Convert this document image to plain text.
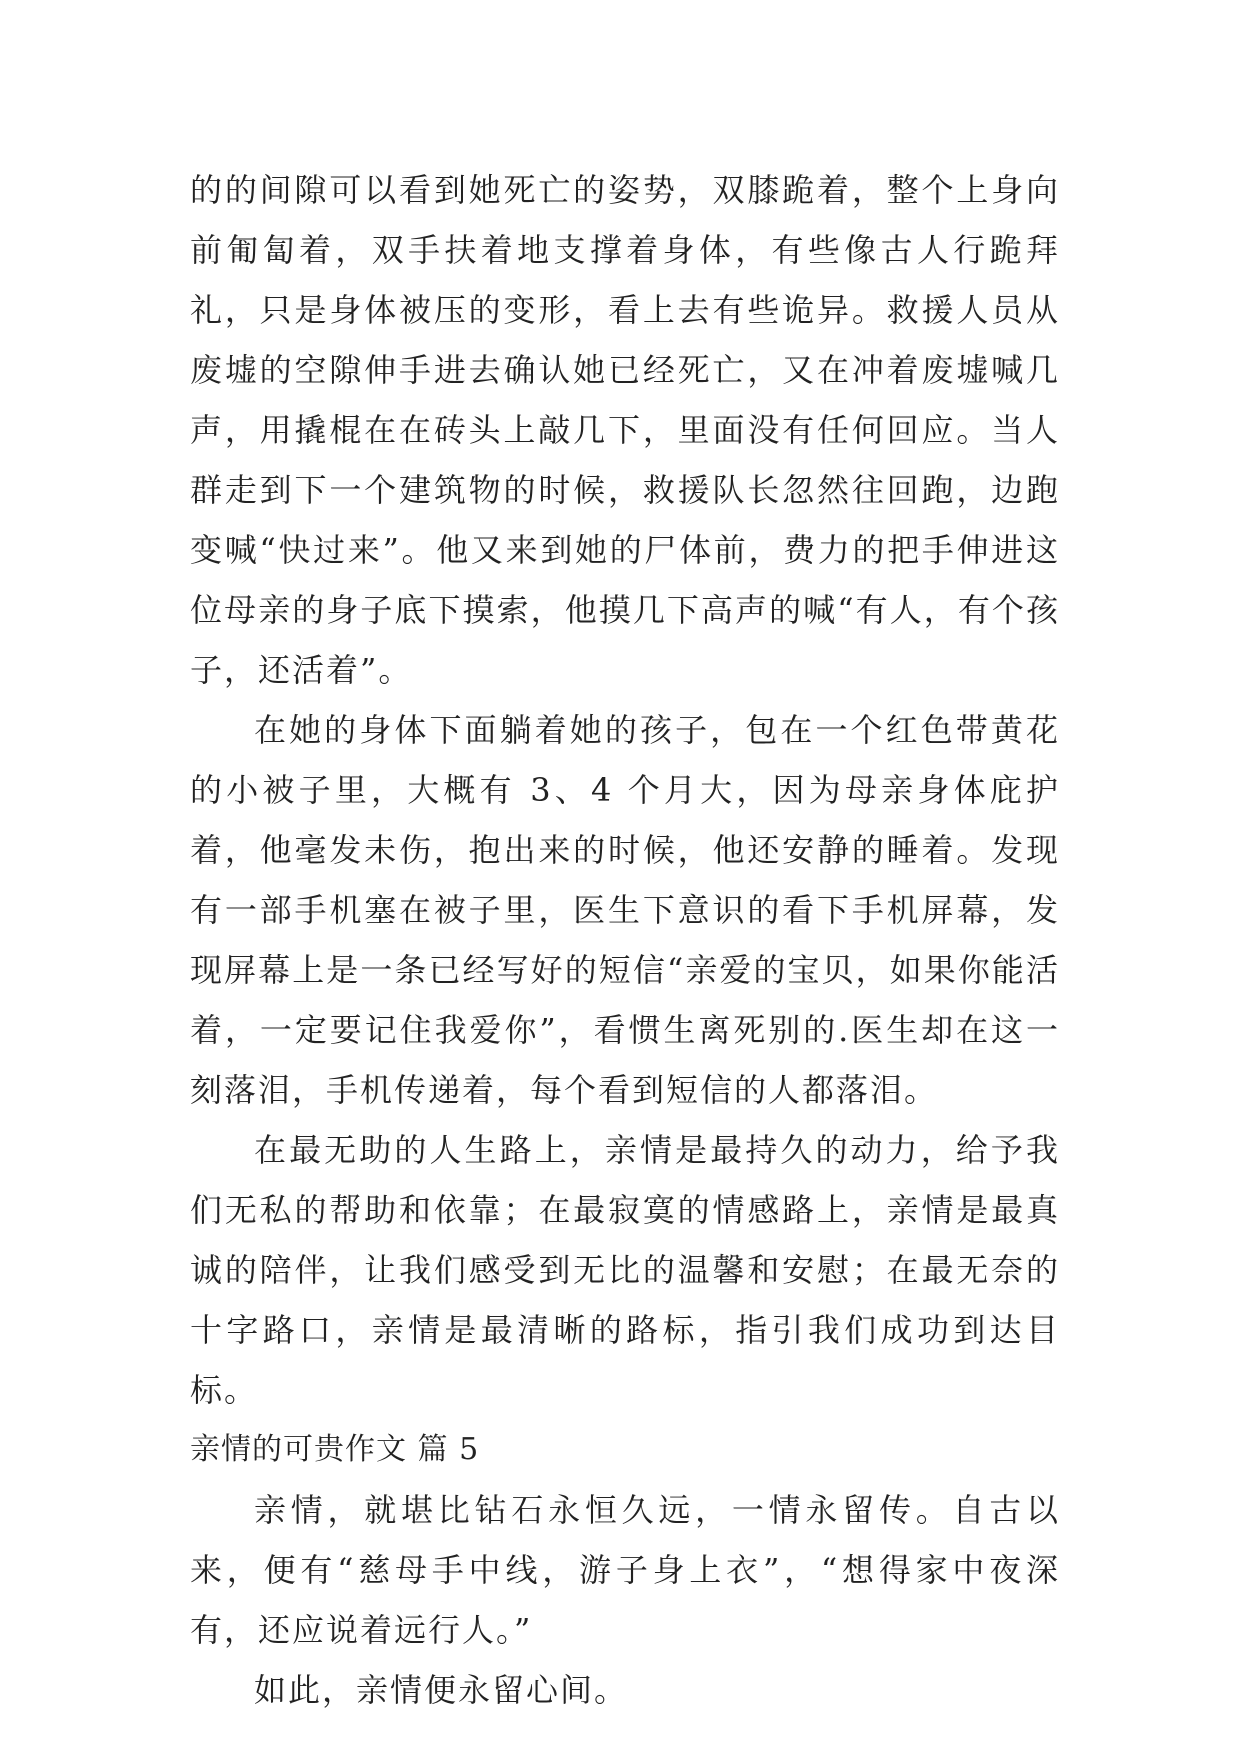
的的间隙可以看到她死亡的姿势，双膝跪着，整个上身向前匍匐着，双手扶着地支撑着身体，有些像古人行跪拜礼，只是身体被压的变形，看上去有些诡异。救援人员从废墟的空隙伸手进去确认她已经死亡，又在冲着废墟喊几声，用撬棍在在砖头上敲几下，里面没有任何回应。当人群走到下一个建筑物的时候，救援队长忽然往回跑，边跑变喊“快过来”。他又来到她的尸体前，费力的把手伸进这位母亲的身子底下摸索，他摸几下高声的喊“有人，有个孩子，还活着”。

在她的身体下面躺着她的孩子，包在一个红色带黄花的小被子里，大概有 3、4 个月大，因为母亲身体庇护着，他毫发未伤，抱出来的时候，他还安静的睡着。发现有一部手机塞在被子里，医生下意识的看下手机屏幕，发现屏幕上是一条已经写好的短信“亲爱的宝贝，如果你能活着，一定要记住我爱你”，看惯生离死别的.医生却在这一刻落泪，手机传递着，每个看到短信的人都落泪。

在最无助的人生路上，亲情是最持久的动力，给予我们无私的帮助和依靠；在最寂寞的情感路上，亲情是最真诚的陪伴，让我们感受到无比的温馨和安慰；在最无奈的十字路口，亲情是最清晰的路标，指引我们成功到达目标。

亲情的可贵作文 篇 5

亲情，就堪比钻石永恒久远，一情永留传。自古以来，便有“慈母手中线，游子身上衣”，“想得家中夜深有，还应说着远行人。”

如此，亲情便永留心间。
